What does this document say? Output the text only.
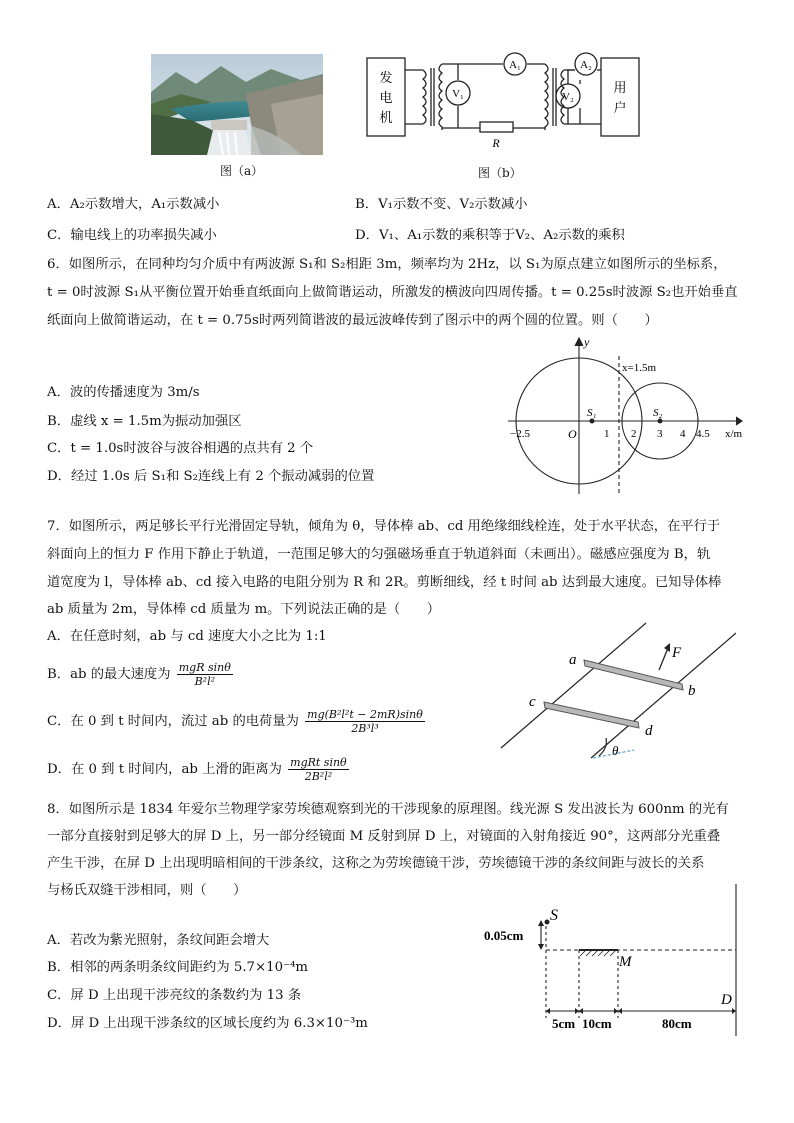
图（a）
发
电
机
用
户
V₁
A₁	A₂
V₂
R
图（b）
A．A₂示数增大，A₁示数减小	B．V₁示数不变、V₂示数减小
C．输电线上的功率损失减小	D．V₁、A₁示数的乘积等于V₂、A₂示数的乘积
6．如图所示，在同种均匀介质中有两波源 S₁和 S₂相距 3m，频率均为 2Hz，以 S₁为原点建立如图所示的坐标系，
t = 0时波源 S₁从平衡位置开始垂直纸面向上做简谐运动，所激发的横波向四周传播。t = 0.25s时波源 S₂也开始垂直
纸面向上做简谐运动，在 t = 0.75s时两列简谐波的最远波峰传到了图示中的两个圆的位置。则（　　）
A．波的传播速度为 3m/s
B．虚线 x = 1.5m为振动加强区
C．t = 1.0s时波谷与波谷相遇的点共有 2 个
D．经过 1.0s 后 S₁和 S₂连线上有 2 个振动减弱的位置
y
x/m
O
x=1.5m
S₁	S₂
−2.5	1 2 3 4 4.5
7．如图所示，两足够长平行光滑固定导轨，倾角为 θ，导体棒 ab、cd 用绝缘细线栓连，处于水平状态，在平行于
斜面向上的恒力 F 作用下静止于轨道，一范围足够大的匀强磁场垂直于轨道斜面（未画出）。磁感应强度为 B，轨
道宽度为 l，导体棒 ab、cd 接入电路的电阻分别为 R 和 2R。剪断细线，经 t 时间 ab 达到最大速度。已知导体棒
ab 质量为 2m，导体棒 cd 质量为 m。下列说法正确的是（　　）
A．在任意时刻，ab 与 cd 速度大小之比为 1:1
B．ab 的最大速度为 mgR sinθ
B²l²
C．在 0 到 t 时间内，流过 ab 的电荷量为 $\frac{\text{mg(B²l²t − 2mR)sinθ}}{\text{2B³l³}}$
D．在 0 到 t 时间内，ab 上滑的距离为 mgRt sinθ
2B²l²
a
b
c
d
F
θ
8．如图所示是 1834 年爱尔兰物理学家劳埃德观察到光的干涉现象的原理图。线光源 S 发出波长为 600nm 的光有
一部分直接射到足够大的屏 D 上，另一部分经镜面 M 反射到屏 D 上，对镜面的入射角接近 90°，这两部分光重叠
产生干涉，在屏 D 上出现明暗相间的干涉条纹，这称之为劳埃德镜干涉，劳埃德镜干涉的条纹间距与波长的关系
与杨氏双缝干涉相同，则（　　）
A．若改为紫光照射，条纹间距会增大
B．相邻的两条明条纹间距约为 5.7×10⁻⁴m
C．屏 D 上出现干涉亮纹的条数约为 13 条
D．屏 D 上出现干涉条纹的区域长度约为 6.3×10⁻³m
S
M
D
0.05cm
5cm 10cm	80cm
